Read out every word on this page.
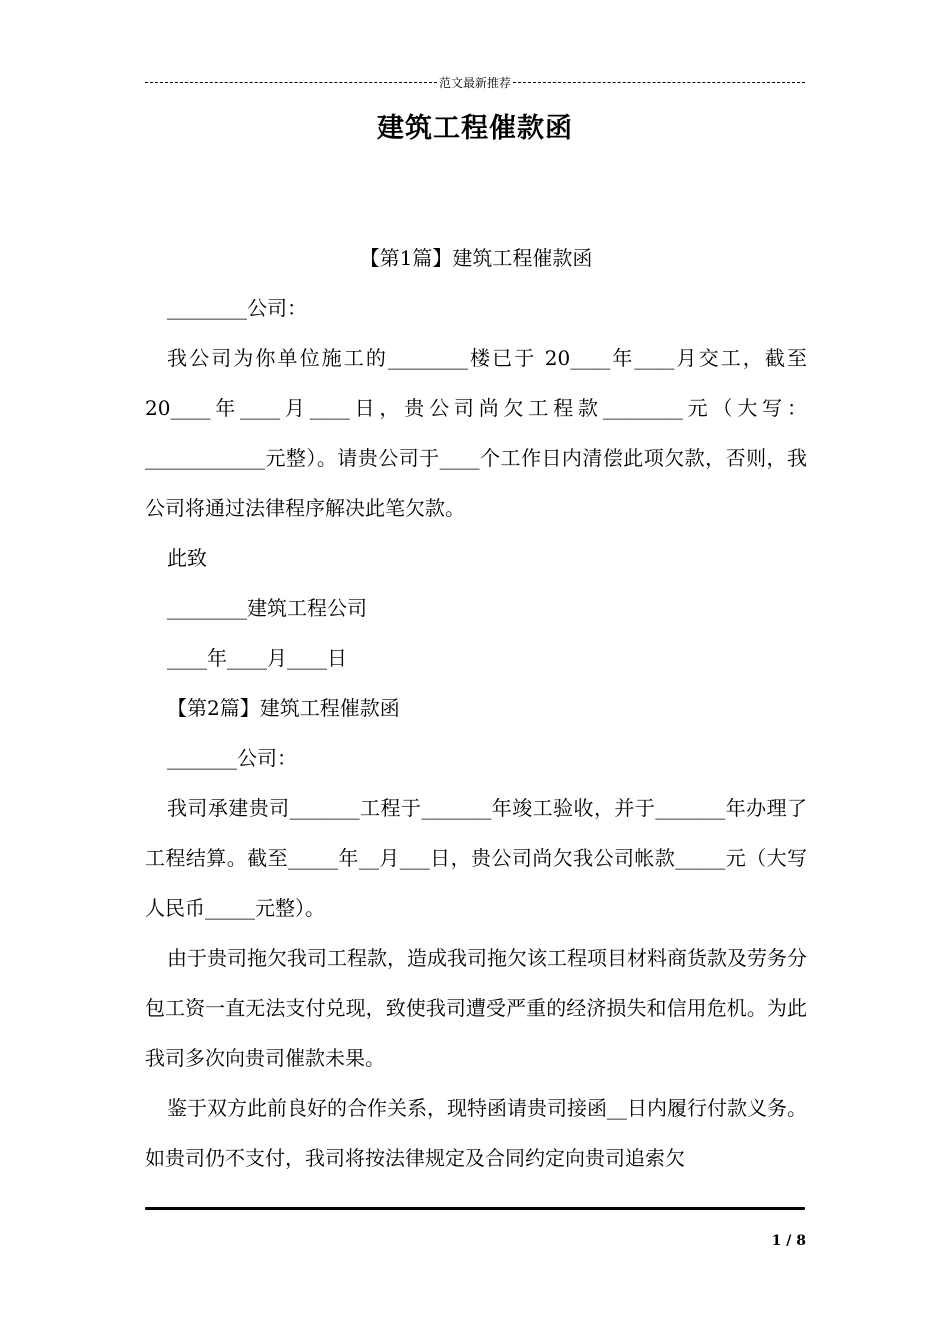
范文最新推荐
建筑工程催款函

【第1篇】建筑工程催款函

________公司：

我公司为你单位施工的________楼已于 20____年____月交工，截至 20____年____月____日，贵公司尚欠工程款________元（大写：____________元整）。请贵公司于____个工作日内清偿此项欠款，否则，我公司将通过法律程序解决此笔欠款。

此致

________建筑工程公司

____年____月____日

【第2篇】建筑工程催款函

_______公司：

我司承建贵司_______工程于_______年竣工验收，并于_______年办理了工程结算。截至_____年__月___日，贵公司尚欠我公司帐款_____元（大写人民币_____元整）。

由于贵司拖欠我司工程款，造成我司拖欠该工程项目材料商货款及劳务分包工资一直无法支付兑现，致使我司遭受严重的经济损失和信用危机。为此我司多次向贵司催款未果。

鉴于双方此前良好的合作关系，现特函请贵司接函__日内履行付款义务。如贵司仍不支付，我司将按法律规定及合同约定向贵司追索欠

1 / 8
